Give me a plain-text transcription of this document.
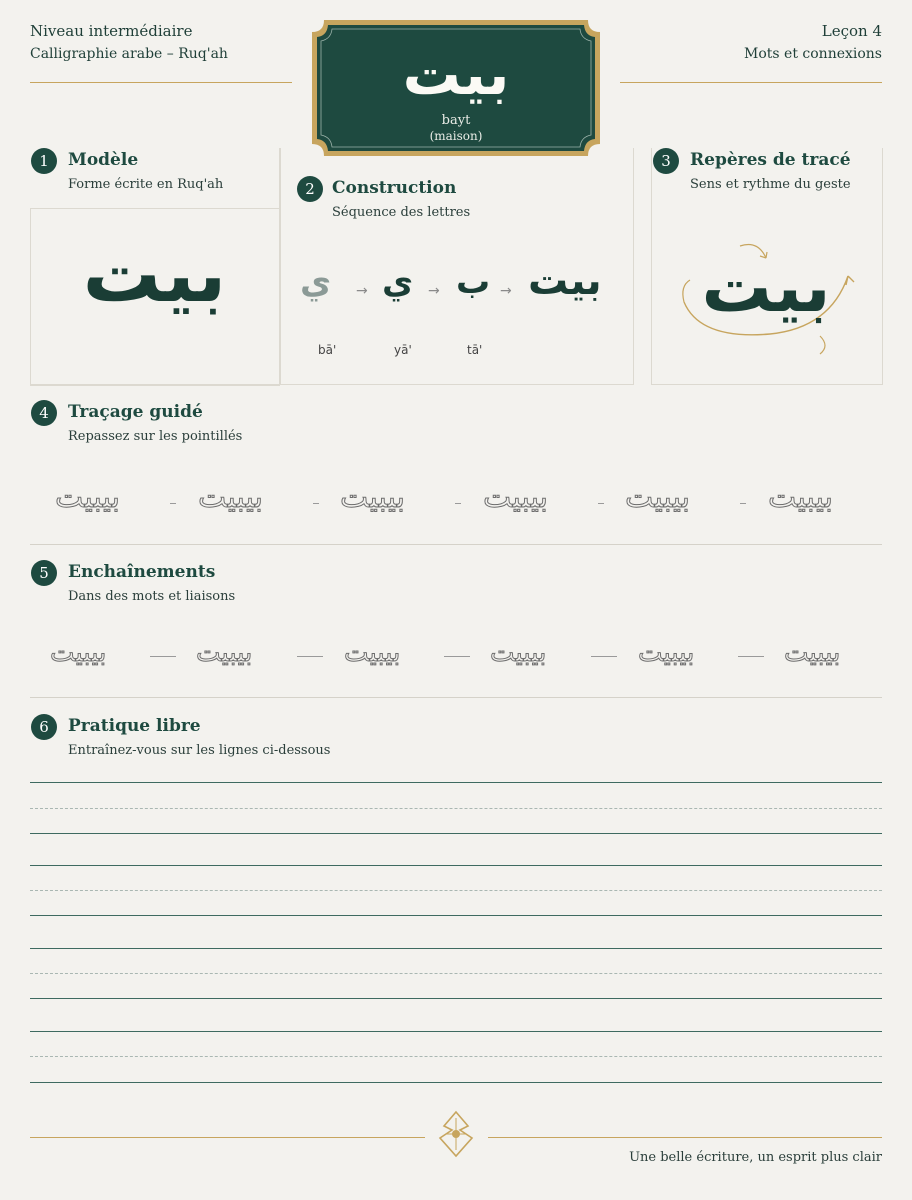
Niveau intermédiaire
Calligraphie arabe – Ruq'ah
Leçon 4
Mots et connexions
بيت
bayt
(maison)
1	Modèle
Forme écrite en Ruq'ah
بيت
2	Construction
Séquence des lettres
ي → ي → ب → بيت
bā'	yā'	tā'
3	Repères de tracé
Sens et rythme du geste
بيت
4	Traçage guidé
Repassez sur les pointillés
بيبيت	بيبيت	بيبيت	بيبيت	بيبيت	بيبيت
5	Enchaînements
Dans des mots et liaisons
بيبيت	بيبيت	بيبيت	بيبيت	بيبيت	بيبيت
6	Pratique libre
Entraînez-vous sur les lignes ci-dessous
Une belle écriture, un esprit plus clair
